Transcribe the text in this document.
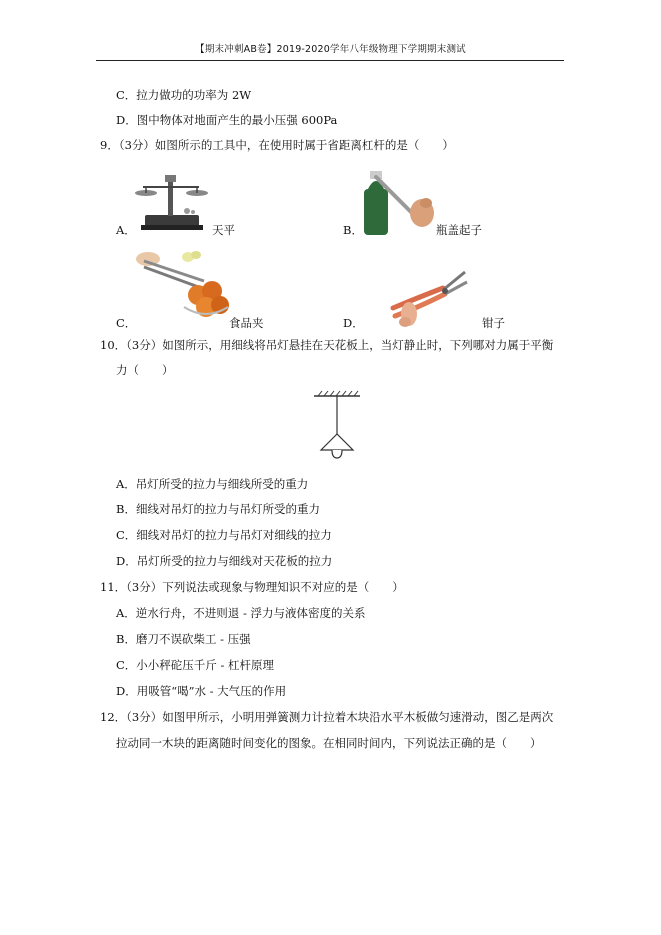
【期末冲刺AB卷】2019-2020学年八年级物理下学期期末测试
C．拉力做功的功率为 2W
D．图中物体对地面产生的最小压强 600Pa
9．（3分）如图所示的工具中，在使用时属于省距离杠杆的是（　　）
A．	天平	B．	瓶盖起子
C．	食品夹	D．	钳子
10．（3分）如图所示，用细线将吊灯悬挂在天花板上，当灯静止时，下列哪对力属于平衡
力（　　）
A．吊灯所受的拉力与细线所受的重力
B．细线对吊灯的拉力与吊灯所受的重力
C．细线对吊灯的拉力与吊灯对细线的拉力
D．吊灯所受的拉力与细线对天花板的拉力
11．（3分）下列说法或现象与物理知识不对应的是（　　）
A．逆水行舟，不进则退 - 浮力与液体密度的关系
B．磨刀不误砍柴工 - 压强
C．小小秤砣压千斤 - 杠杆原理
D．用吸管“喝”水 - 大气压的作用
12．（3分）如图甲所示，小明用弹簧测力计拉着木块沿水平木板做匀速滑动，图乙是两次
拉动同一木块的距离随时间变化的图象。在相同时间内，下列说法正确的是（　　）
